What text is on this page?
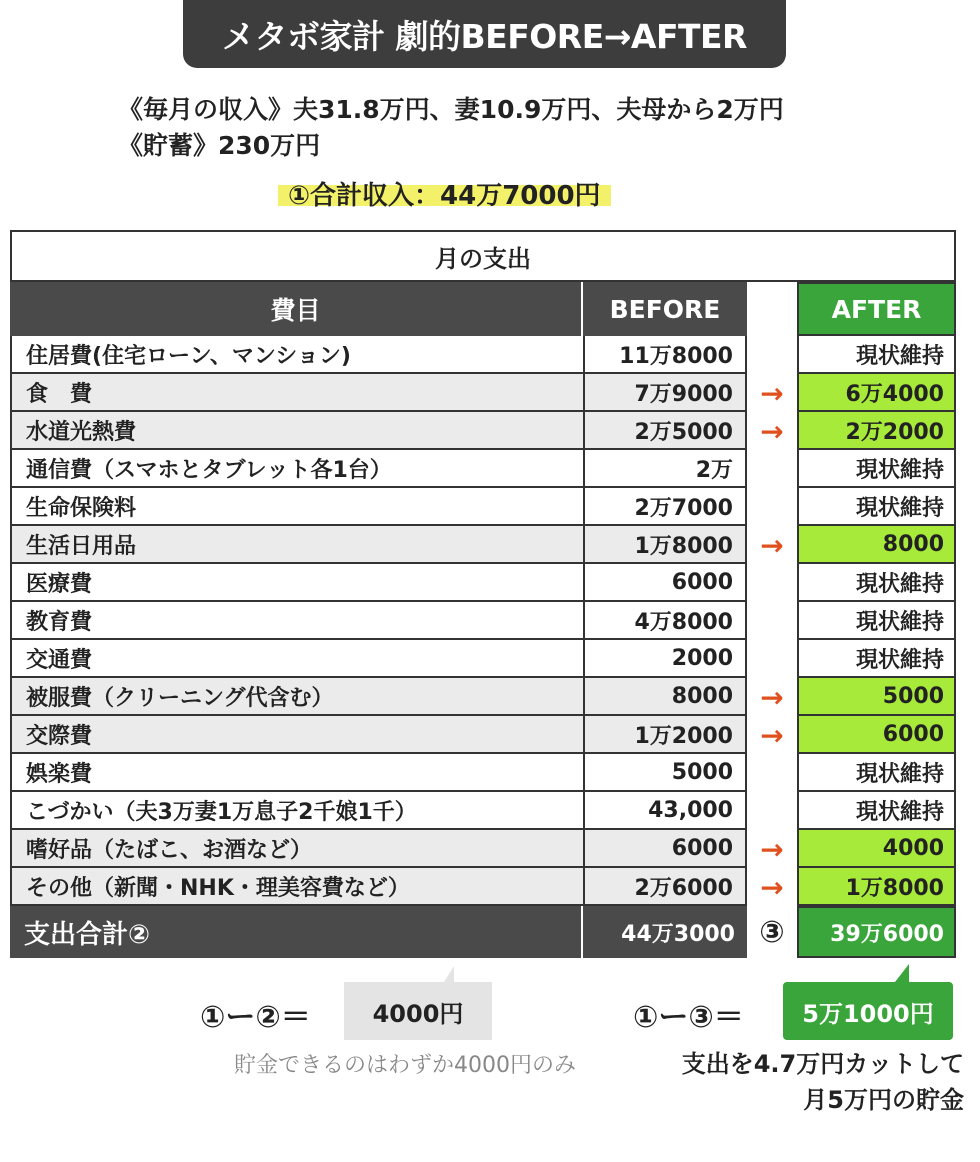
メタボ家計 劇的BEFORE→AFTER
《毎月の収入》夫31.8万円、妻10.9万円、夫母から2万円
《貯蓄》230万円
①合計収入：44万7000円
月の支出
費目	BEFORE	AFTER
住居費(住宅ローン、マンション)	11万8000	現状維持
食　費	7万9000 →	6万4000
水道光熱費	2万5000 →	2万2000
通信費（スマホとタブレット各1台）	2万	現状維持
生命保険料	2万7000	現状維持
生活日用品	1万8000 →	8000
医療費	6000	現状維持
教育費	4万8000	現状維持
交通費	2000	現状維持
被服費（クリーニング代含む）	8000 →	5000
交際費	1万2000 →	6000
娯楽費	5000	現状維持
こづかい（夫3万妻1万息子2千娘1千）	43,000	現状維持
嗜好品（たばこ、お酒など）	6000 →	4000
その他（新聞・NHK・理美容費など）	2万6000 →	1万8000
支出合計②	44万3000 ③	39万6000
①ー②＝	4000円
貯金できるのはわずか4000円のみ
①ー③＝	5万1000円
支出を4.7万円カットして
月5万円の貯金
